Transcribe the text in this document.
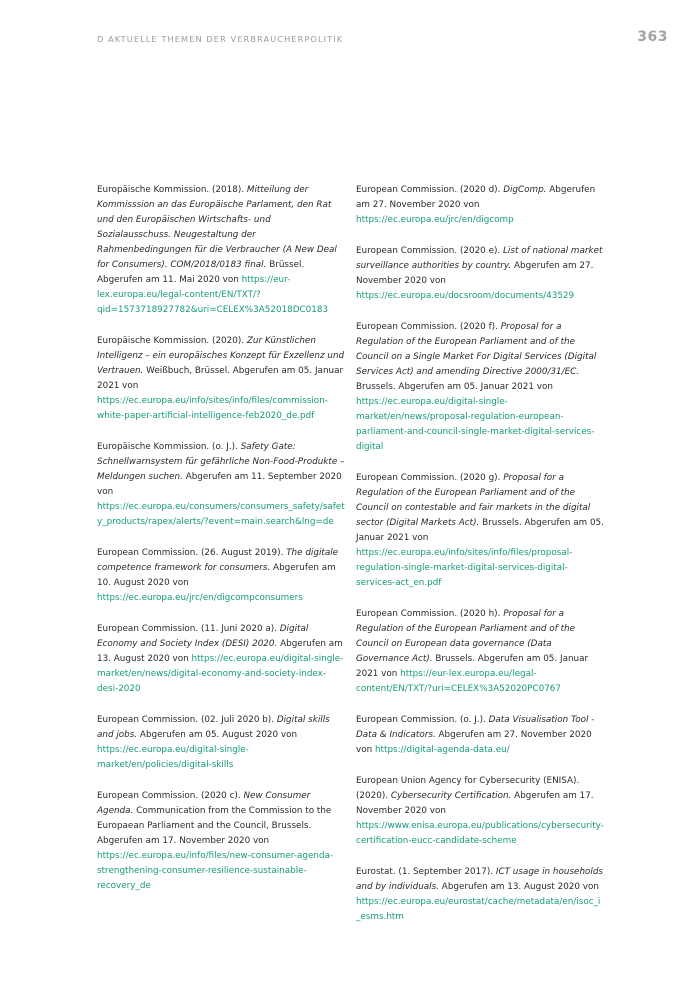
D AKTUELLE THEMEN DER VERBRAUCHERPOLITIK	363

Europäische Kommission. (2018). Mitteilung der Kommisssion an das Europäische Parlament, den Rat und den Europäischen Wirtschafts- und Sozialausschuss. Neugestaltung der Rahmenbedingungen für die Verbraucher (A New Deal for Consumers). COM/2018/0183 final. Brüssel. Abgerufen am 11. Mai 2020 von https://eur-lex.europa.eu/legal-content/EN/TXT/?qid=1573718927782&uri=CELEX%3A52018DC0183

Europäische Kommission. (2020). Zur Künstlichen Intelligenz – ein europäisches Konzept für Exzellenz und Vertrauen. Weißbuch, Brüssel. Abgerufen am 05. Januar 2021 von https://ec.europa.eu/info/sites/info/files/commission-white-paper-artificial-intelligence-feb2020_de.pdf

Europäische Kommission. (o. J.). Safety Gate: Schnellwarnsystem für gefährliche Non-Food-Produkte – Meldungen suchen. Abgerufen am 11. September 2020 von https://ec.europa.eu/consumers/consumers_safety/safety_products/rapex/alerts/?event=main.search&lng=de

European Commission. (26. August 2019). The digitale competence framework for consumers. Abgerufen am 10. August 2020 von https://ec.europa.eu/jrc/en/digcompconsumers

European Commission. (11. Juni 2020 a). Digital Economy and Society Index (DESI) 2020. Abgerufen am 13. August 2020 von https://ec.europa.eu/digital-single-market/en/news/digital-economy-and-society-index-desi-2020

European Commission. (02. Juli 2020 b). Digital skills and jobs. Abgerufen am 05. August 2020 von https://ec.europa.eu/digital-single-market/en/policies/digital-skills

European Commission. (2020 c). New Consumer Agenda. Communication from the Commission to the Europaean Parliament and the Council, Brussels. Abgerufen am 17. November 2020 von https://ec.europa.eu/info/files/new-consumer-agenda-strengthening-consumer-resilience-sustainable-recovery_de

European Commission. (2020 d). DigComp. Abgerufen am 27. November 2020 von https://ec.europa.eu/jrc/en/digcomp

European Commission. (2020 e). List of national market surveillance authorities by country. Abgerufen am 27. November 2020 von https://ec.europa.eu/docsroom/documents/43529

European Commission. (2020 f). Proposal for a Regulation of the European Parliament and of the Council on a Single Market For Digital Services (Digital Services Act) and amending Directive 2000/31/EC. Brussels. Abgerufen am 05. Januar 2021 von https://ec.europa.eu/digital-single-market/en/news/proposal-regulation-european-parliament-and-council-single-market-digital-services-digital

European Commission. (2020 g). Proposal for a Regulation of the European Parliament and of the Council on contestable and fair markets in the digital sector (Digital Markets Act). Brussels. Abgerufen am 05. Januar 2021 von https://ec.europa.eu/info/sites/info/files/proposal-regulation-single-market-digital-services-digital-services-act_en.pdf

European Commission. (2020 h). Proposal for a Regulation of the European Parliament and of the Council on European data governance (Data Governance Act). Brussels. Abgerufen am 05. Januar 2021 von https://eur-lex.europa.eu/legal-content/EN/TXT/?uri=CELEX%3A52020PC0767

European Commission. (o. J.). Data Visualisation Tool - Data & Indicators. Abgerufen am 27. November 2020 von https://digital-agenda-data.eu/

European Union Agency for Cybersecurity (ENISA). (2020). Cybersecurity Certification. Abgerufen am 17. November 2020 von https://www.enisa.europa.eu/publications/cybersecurity-certification-eucc-candidate-scheme

Eurostat. (1. September 2017). ICT usage in households and by individuals. Abgerufen am 13. August 2020 von https://ec.europa.eu/eurostat/cache/metadata/en/isoc_i_esms.htm
